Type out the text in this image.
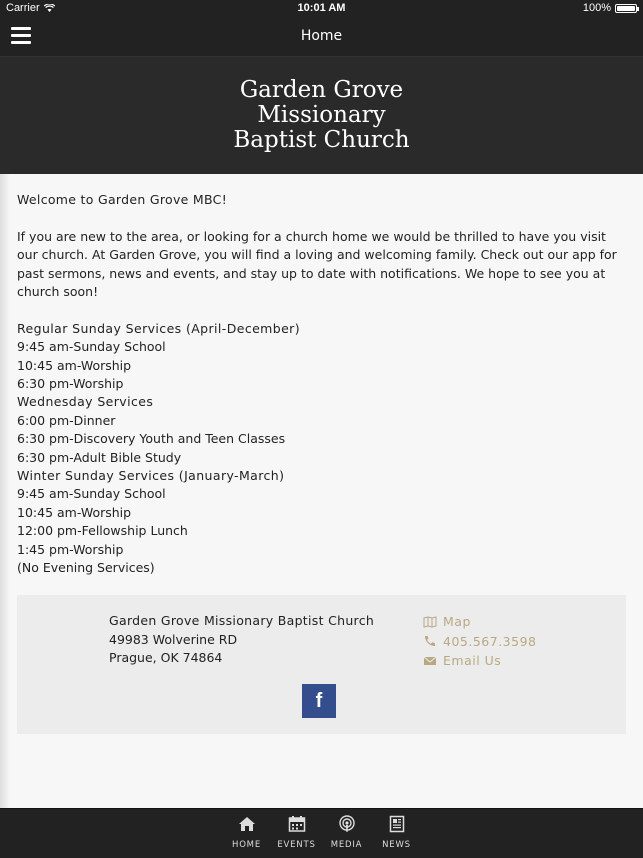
Carrier	10:01 AM	100%
Home
Garden Grove Missionary Baptist Church

Welcome to Garden Grove MBC!

If you are new to the area, or looking for a church home we would be thrilled to have you visit our church. At Garden Grove, you will find a loving and welcoming family. Check out our app for past sermons, news and events, and stay up to date with notifications. We hope to see you at church soon!

Regular Sunday Services (April-December)

9:45 am-Sunday School

10:45 am-Worship

6:30 pm-Worship

Wednesday Services

6:00 pm-Dinner

6:30 pm-Discovery Youth and Teen Classes

6:30 pm-Adult Bible Study

Winter Sunday Services (January-March)

9:45 am-Sunday School

10:45 am-Worship

12:00 pm-Fellowship Lunch

1:45 pm-Worship

(No Evening Services)

Garden Grove Missionary Baptist Church
49983 Wolverine RD
Prague, OK 74864
Map
405.567.3598
Email Us
f
HOME EVENTS MEDIA NEWS
